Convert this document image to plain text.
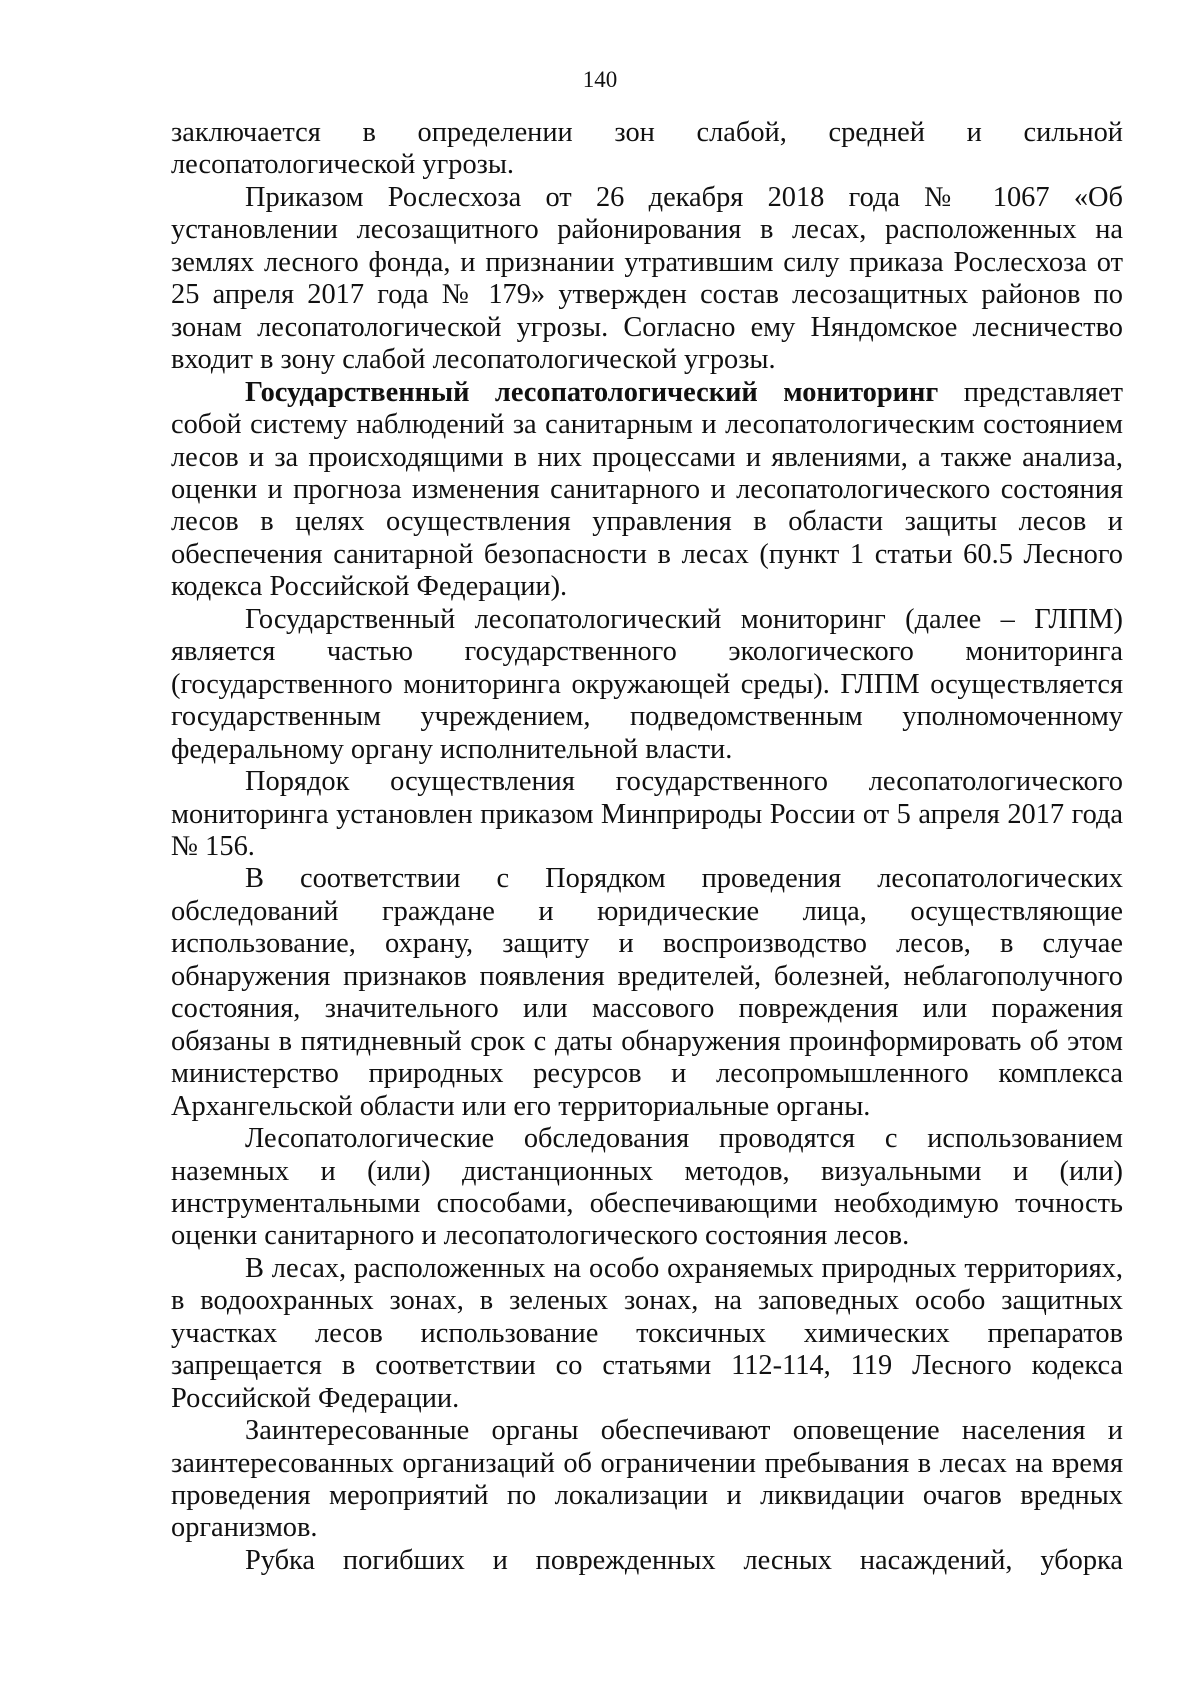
140

заключается в определении зон слабой, средней и сильной лесопатологической угрозы.

Приказом Рослесхоза от 26 декабря 2018 года № 1067 «Об установлении лесозащитного районирования в лесах, расположенных на землях лесного фонда, и признании утратившим силу приказа Рослесхоза от 25 апреля 2017 года № 179» утвержден состав лесозащитных районов по зонам лесопатологической угрозы. Согласно ему Няндомское лесничество входит в зону слабой лесопатологической угрозы.

Государственный лесопатологический мониторинг представляет собой систему наблюдений за санитарным и лесопатологическим состоянием лесов и за происходящими в них процессами и явлениями, а также анализа, оценки и прогноза изменения санитарного и лесопатологического состояния лесов в целях осуществления управления в области защиты лесов и обеспечения санитарной безопасности в лесах (пункт 1 статьи 60.5 Лесного кодекса Российской Федерации).

Государственный лесопатологический мониторинг (далее – ГЛПМ) является частью государственного экологического мониторинга (государственного мониторинга окружающей среды). ГЛПМ осуществляется государственным учреждением, подведомственным уполномоченному федеральному органу исполнительной власти.

Порядок осуществления государственного лесопатологического мониторинга установлен приказом Минприроды России от 5 апреля 2017 года № 156.

В соответствии с Порядком проведения лесопатологических обследований граждане и юридические лица, осуществляющие использование, охрану, защиту и воспроизводство лесов, в случае обнаружения признаков появления вредителей, болезней, неблагополучного состояния, значительного или массового повреждения или поражения обязаны в пятидневный срок с даты обнаружения проинформировать об этом министерство природных ресурсов и лесопромышленного комплекса Архангельской области или его территориальные органы.

Лесопатологические обследования проводятся с использованием наземных и (или) дистанционных методов, визуальными и (или) инструментальными способами, обеспечивающими необходимую точность оценки санитарного и лесопатологического состояния лесов.

В лесах, расположенных на особо охраняемых природных территориях, в водоохранных зонах, в зеленых зонах, на заповедных особо защитных участках лесов использование токсичных химических препаратов запрещается в соответствии со статьями 112-114, 119 Лесного кодекса Российской Федерации.

Заинтересованные органы обеспечивают оповещение населения и заинтересованных организаций об ограничении пребывания в лесах на время проведения мероприятий по локализации и ликвидации очагов вредных организмов.

Рубка погибших и поврежденных лесных насаждений, уборка
